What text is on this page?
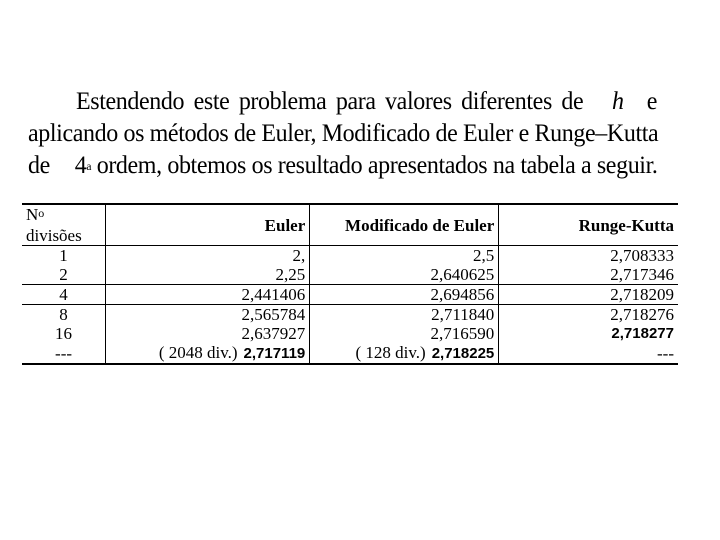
Estendendo este problema para valores diferentes de h e
aplicando os métodos de Euler, Modificado de Euler e Runge–Kutta
de 4$^a$ ordem, obtemos os resultado apresentados na tabela a seguir.
$N^o$ divisões	Euler	Modificado de Euler	Runge-Kutta
1	2,	2,5	2,708333
2	2,25	2,640625	2,717346
4	2,441406	2,694856	2,718209
8	2,565784	2,711840	2,718276
16	2,637927	2,716590	2,718277
---	( 2048 div.) 2,717119	( 128 div.) 2,718225	---
